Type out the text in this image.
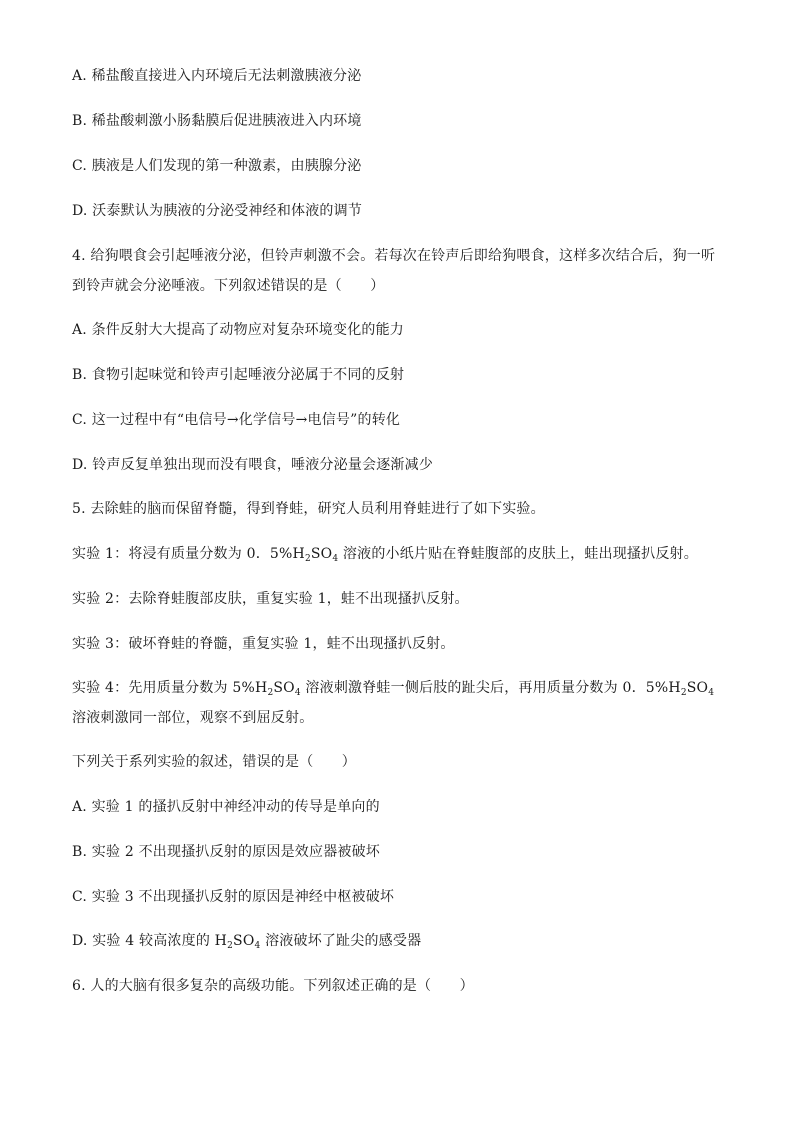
A. 稀盐酸直接进入内环境后无法刺激胰液分泌
B. 稀盐酸刺激小肠黏膜后促进胰液进入内环境
C. 胰液是人们发现的第一种激素，由胰腺分泌
D. 沃泰默认为胰液的分泌受神经和体液的调节
4. 给狗喂食会引起唾液分泌，但铃声刺激不会。若每次在铃声后即给狗喂食，这样多次结合后，狗一听到铃声就会分泌唾液。下列叙述错误的是（　　）
A. 条件反射大大提高了动物应对复杂环境变化的能力
B. 食物引起味觉和铃声引起唾液分泌属于不同的反射
C. 这一过程中有“电信号→化学信号→电信号”的转化
D. 铃声反复单独出现而没有喂食，唾液分泌量会逐渐减少
5. 去除蛙的脑而保留脊髓，得到脊蛙，研究人员利用脊蛙进行了如下实验。
实验 1：将浸有质量分数为 0．$5\%H_2SO_4$ 溶液的小纸片贴在脊蛙腹部的皮肤上，蛙出现搔扒反射。
实验 2：去除脊蛙腹部皮肤，重复实验 1，蛙不出现搔扒反射。
实验 3：破坏脊蛙的脊髓，重复实验 1，蛙不出现搔扒反射。
实验 4：先用质量分数为 $5\%H_2SO_4$ 溶液刺激脊蛙一侧后肢的趾尖后，再用质量分数为 0．$5\%H_2SO_4$ 溶液刺激同一部位，观察不到屈反射。
下列关于系列实验的叙述，错误的是（　　）
A. 实验 1 的搔扒反射中神经冲动的传导是单向的
B. 实验 2 不出现搔扒反射的原因是效应器被破坏
C. 实验 3 不出现搔扒反射的原因是神经中枢被破坏
D. 实验 4 较高浓度的 $H_2SO_4$ 溶液破坏了趾尖的感受器
6. 人的大脑有很多复杂的高级功能。下列叙述正确的是（　　）
